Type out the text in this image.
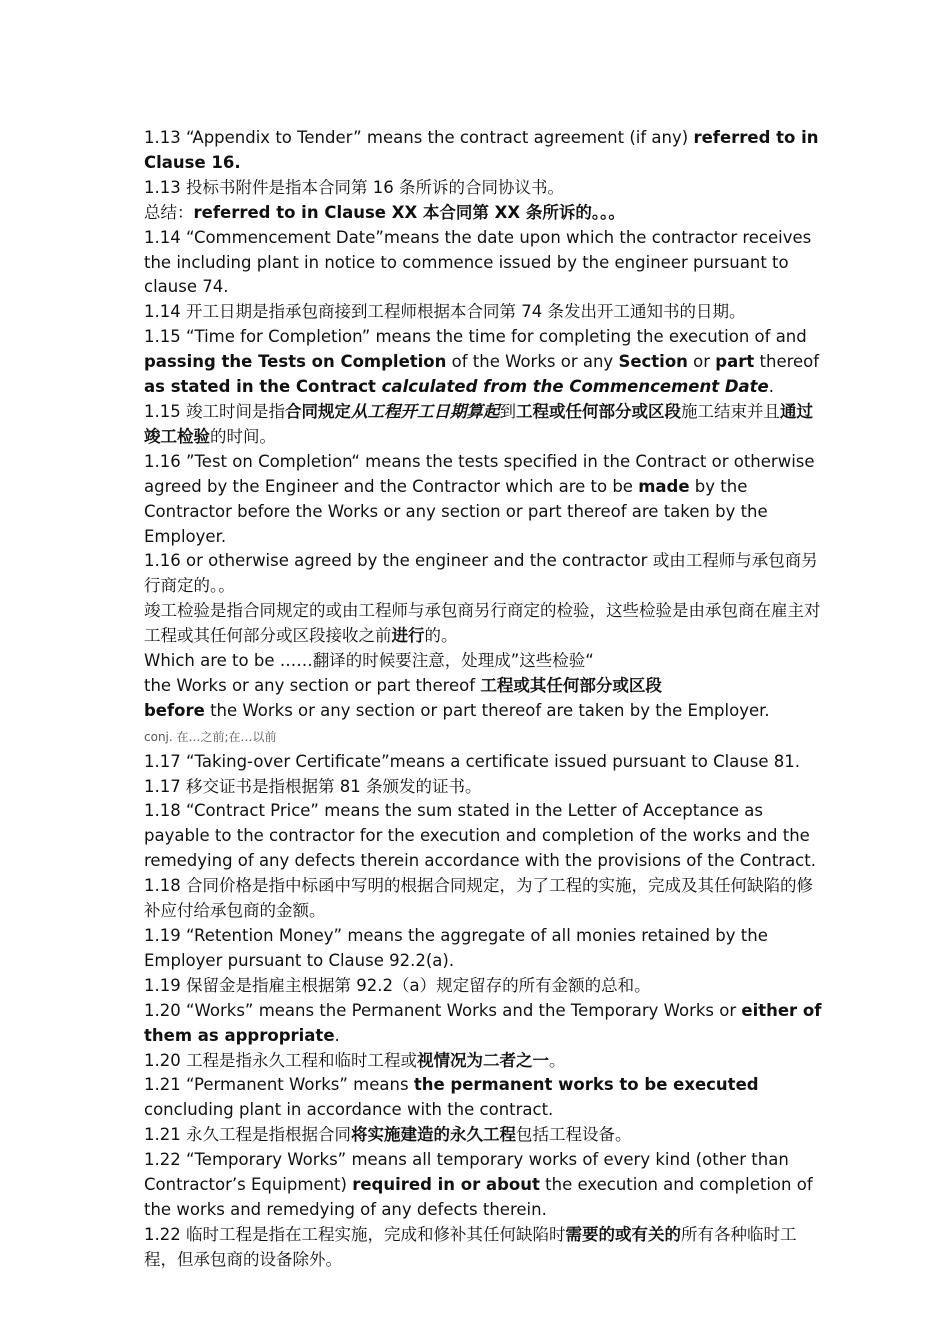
1.13 “Appendix to Tender” means the contract agreement (if any) referred to in Clause 16.

1.13 投标书附件是指本合同第 16 条所诉的合同协议书。

总结：referred to in Clause XX 本合同第 XX 条所诉的。。。

1.14 “Commencement Date”means the date upon which the contractor receives the including plant in notice to commence issued by the engineer pursuant to clause 74.

1.14 开工日期是指承包商接到工程师根据本合同第 74 条发出开工通知书的日期。

1.15 “Time for Completion” means the time for completing the execution of and passing the Tests on Completion of the Works or any Section or part thereof as stated in the Contract calculated from the Commencement Date.

1.15 竣工时间是指合同规定从工程开工日期算起到工程或任何部分或区段施工结束并且通过竣工检验的时间。

1.16 ”Test on Completion“ means the tests specified in the Contract or otherwise agreed by the Engineer and the Contractor which are to be made by the Contractor before the Works or any section or part thereof are taken by the Employer.

1.16 or otherwise agreed by the engineer and the contractor 或由工程师与承包商另行商定的。。

竣工检验是指合同规定的或由工程师与承包商另行商定的检验，这些检验是由承包商在雇主对工程或其任何部分或区段接收之前进行的。

Which are to be ……翻译的时候要注意，处理成”这些检验“

the Works or any section or part thereof 工程或其任何部分或区段

before the Works or any section or part thereof are taken by the Employer.

conj. 在…之前;在…以前

1.17 “Taking-over Certificate”means a certificate issued pursuant to Clause 81.

1.17 移交证书是指根据第 81 条颁发的证书。

1.18 “Contract Price” means the sum stated in the Letter of Acceptance as payable to the contractor for the execution and completion of the works and the remedying of any defects therein accordance with the provisions of the Contract.

1.18 合同价格是指中标函中写明的根据合同规定，为了工程的实施，完成及其任何缺陷的修补应付给承包商的金额。

1.19 “Retention Money” means the aggregate of all monies retained by the Employer pursuant to Clause 92.2(a).

1.19 保留金是指雇主根据第 92.2（a）规定留存的所有金额的总和。

1.20 “Works” means the Permanent Works and the Temporary Works or either of them as appropriate.

1.20 工程是指永久工程和临时工程或视情况为二者之一。

1.21 “Permanent Works” means the permanent works to be executed concluding plant in accordance with the contract.

1.21 永久工程是指根据合同将实施建造的永久工程包括工程设备。

1.22 “Temporary Works” means all temporary works of every kind (other than Contractor’s Equipment) required in or about the execution and completion of the works and remedying of any defects therein.

1.22 临时工程是指在工程实施，完成和修补其任何缺陷时需要的或有关的所有各种临时工程，但承包商的设备除外。
